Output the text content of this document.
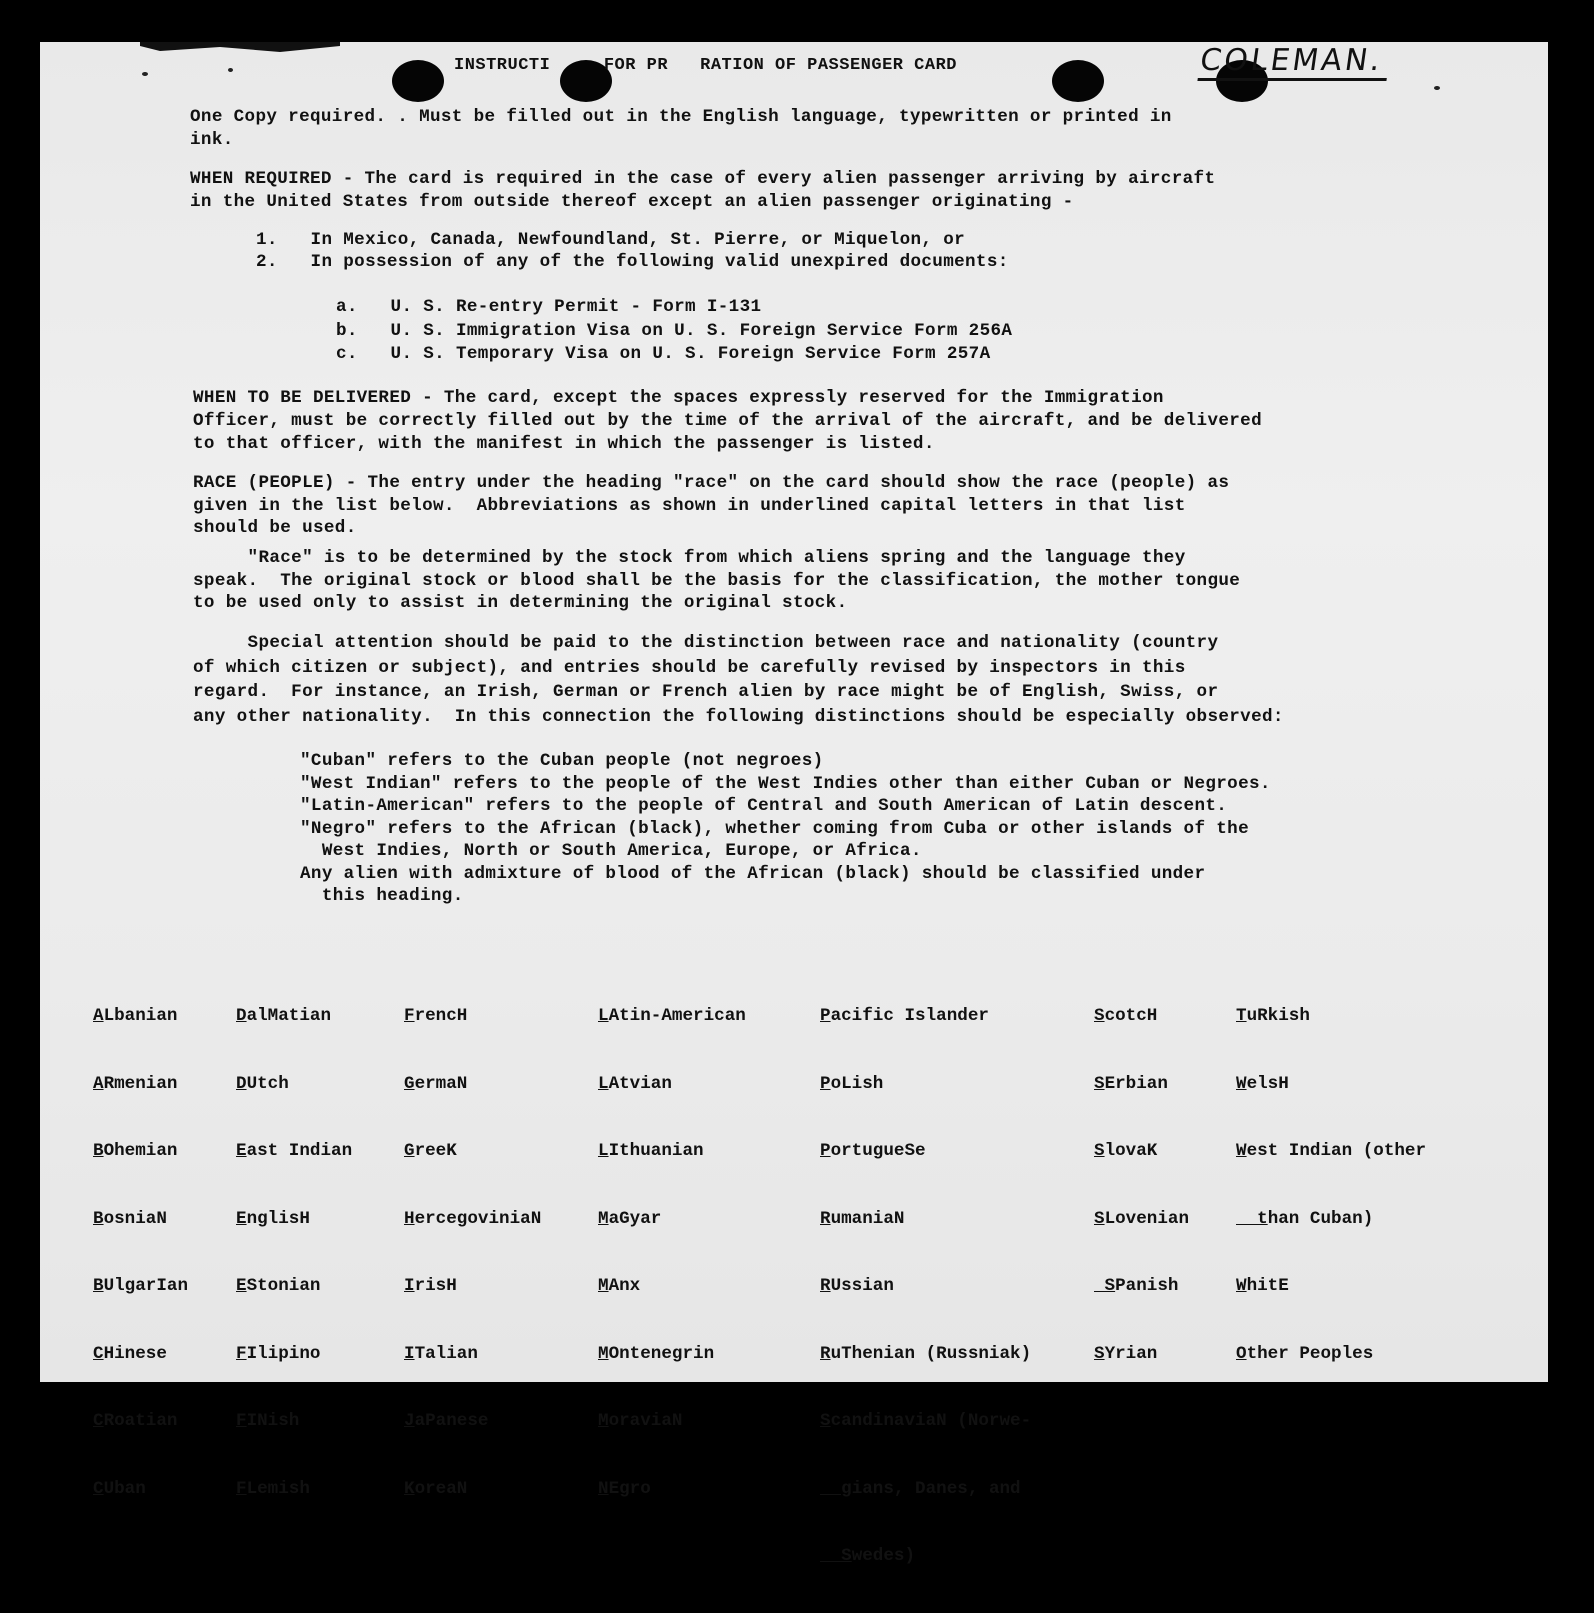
INSTRUCTI     FOR PR   RATION OF PASSENGER CARD	COLEMAN.
One Copy required. . Must be filled out in the English language, typewritten or printed in
ink.
WHEN REQUIRED - The card is required in the case of every alien passenger arriving by aircraft
in the United States from outside thereof except an alien passenger originating -
1.   In Mexico, Canada, Newfoundland, St. Pierre, or Miquelon, or
2.   In possession of any of the following valid unexpired documents:
a.   U. S. Re-entry Permit - Form I-131
b.   U. S. Immigration Visa on U. S. Foreign Service Form 256A
c.   U. S. Temporary Visa on U. S. Foreign Service Form 257A
WHEN TO BE DELIVERED - The card, except the spaces expressly reserved for the Immigration
Officer, must be correctly filled out by the time of the arrival of the aircraft, and be delivered
to that officer, with the manifest in which the passenger is listed.
RACE (PEOPLE) - The entry under the heading "race" on the card should show the race (people) as
given in the list below.  Abbreviations as shown in underlined capital letters in that list
should be used.
"Race" is to be determined by the stock from which aliens spring and the language they
speak.  The original stock or blood shall be the basis for the classification, the mother tongue
to be used only to assist in determining the original stock.
Special attention should be paid to the distinction between race and nationality (country
of which citizen or subject), and entries should be carefully revised by inspectors in this
regard.  For instance, an Irish, German or French alien by race might be of English, Swiss, or
any other nationality.  In this connection the following distinctions should be especially observed:
"Cuban" refers to the Cuban people (not negroes)
"West Indian" refers to the people of the West Indies other than either Cuban or Negroes.
"Latin-American" refers to the people of Central and South American of Latin descent.
"Negro" refers to the African (black), whether coming from Cuba or other islands of the
West Indies, North or South America, Europe, or Africa.
Any alien with admixture of blood of the African (black) should be classified under
this heading.

ALbanian

ARmenian

BOhemian

BosniaN

BUlgarIan

CHinese

CRoatian

CUban

DalMatian

DUtch

East Indian

EnglisH

EStonian

FIlipino

FINish

FLemish

FrencH

GermaN

GreeK

HercegoviniaN

IrisH

ITalian

JaPanese

KoreaN

LAtin-American

LAtvian

LIthuanian

MaGyar

MAnx

MOntenegrin

MoraviaN

NEgro

Pacific Islander

PoLish

PortugueSe

RumaniaN

RUssian

RuThenian (Russniak)

ScandinaviaN (Norwe-

gians, Danes, and

Swedes)

ScotcH

SErbian

SlovaK

SLovenian

SPanish

SYrian

TuRkish

WelsH

West Indian (other

than Cuban)

WhitE

Other Peoples
